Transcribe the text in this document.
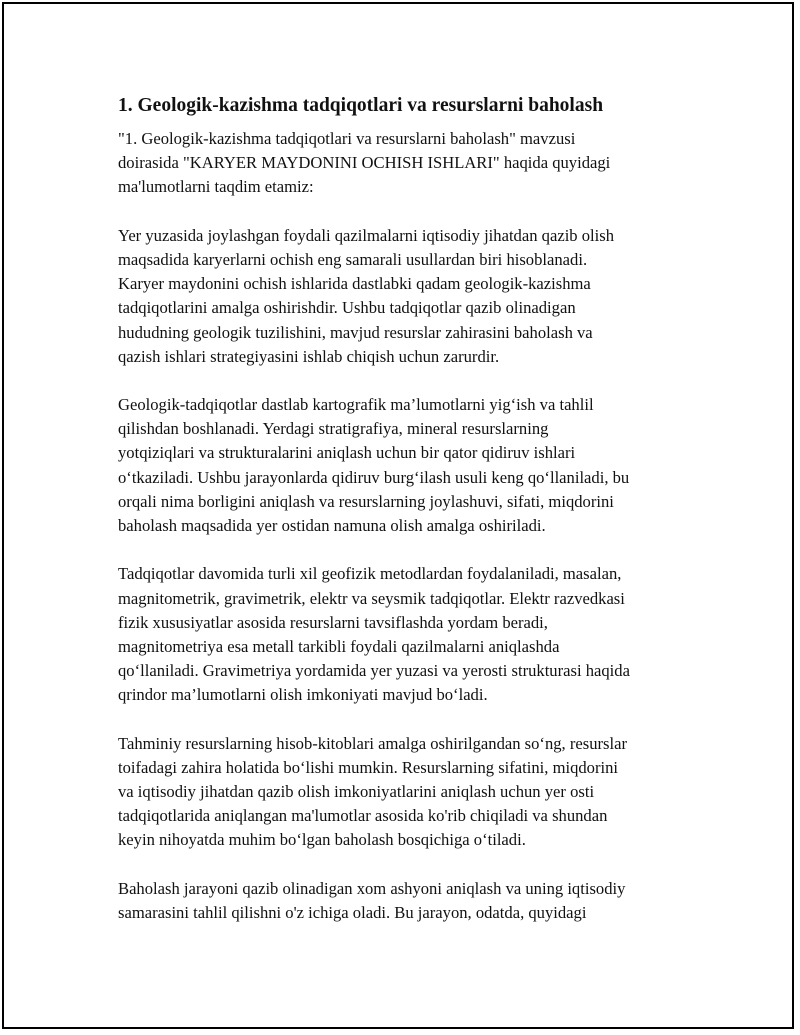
1. Geologik-kazishma tadqiqotlari va resurslarni baholash
"1. Geologik-kazishma tadqiqotlari va resurslarni baholash" mavzusi
doirasida "KARYER MAYDONINI OCHISH ISHLARI" haqida quyidagi
ma'lumotlarni taqdim etamiz:
Yer yuzasida joylashgan foydali qazilmalarni iqtisodiy jihatdan qazib olish
maqsadida karyerlarni ochish eng samarali usullardan biri hisoblanadi.
Karyer maydonini ochish ishlarida dastlabki qadam geologik-kazishma
tadqiqotlarini amalga oshirishdir. Ushbu tadqiqotlar qazib olinadigan
hududning geologik tuzilishini, mavjud resurslar zahirasini baholash va
qazish ishlari strategiyasini ishlab chiqish uchun zarurdir.
Geologik-tadqiqotlar dastlab kartografik ma’lumotlarni yig‘ish va tahlil
qilishdan boshlanadi. Yerdagi stratigrafiya, mineral resurslarning
yotqiziqlari va strukturalarini aniqlash uchun bir qator qidiruv ishlari
o‘tkaziladi. Ushbu jarayonlarda qidiruv burg‘ilash usuli keng qo‘llaniladi, bu
orqali nima borligini aniqlash va resurslarning joylashuvi, sifati, miqdorini
baholash maqsadida yer ostidan namuna olish amalga oshiriladi.
Tadqiqotlar davomida turli xil geofizik metodlardan foydalaniladi, masalan,
magnitometrik, gravimetrik, elektr va seysmik tadqiqotlar. Elektr razvedkasi
fizik xususiyatlar asosida resurslarni tavsiflashda yordam beradi,
magnitometriya esa metall tarkibli foydali qazilmalarni aniqlashda
qo‘llaniladi. Gravimetriya yordamida yer yuzasi va yerosti strukturasi haqida
qrindor ma’lumotlarni olish imkoniyati mavjud bo‘ladi.
Tahminiy resurslarning hisob-kitoblari amalga oshirilgandan so‘ng, resurslar
toifadagi zahira holatida bo‘lishi mumkin. Resurslarning sifatini, miqdorini
va iqtisodiy jihatdan qazib olish imkoniyatlarini aniqlash uchun yer osti
tadqiqotlarida aniqlangan ma'lumotlar asosida ko'rib chiqiladi va shundan
keyin nihoyatda muhim bo‘lgan baholash bosqichiga o‘tiladi.
Baholash jarayoni qazib olinadigan xom ashyoni aniqlash va uning iqtisodiy
samarasini tahlil qilishni o'z ichiga oladi. Bu jarayon, odatda, quyidagi
